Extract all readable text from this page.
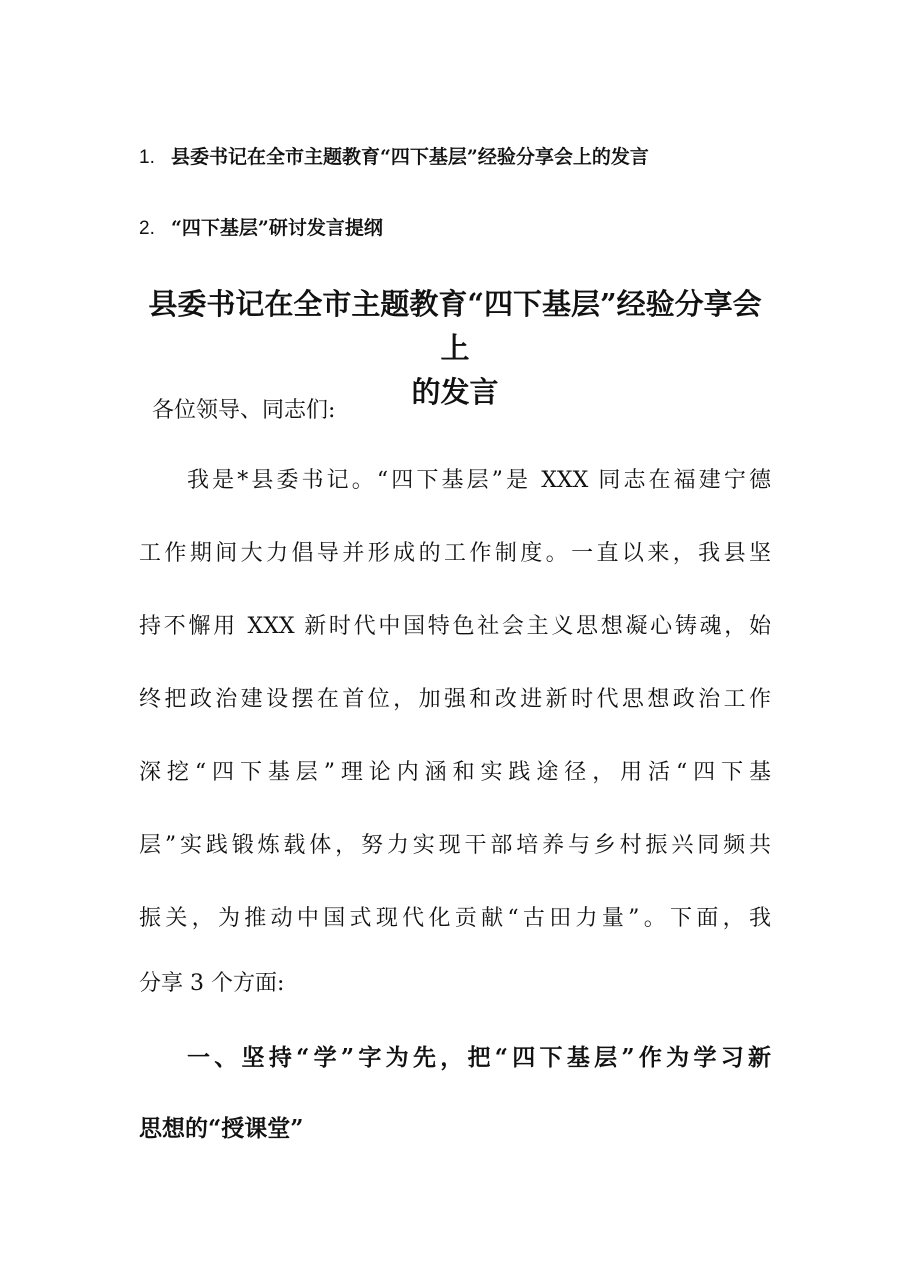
1. 县委书记在全市主题教育“四下基层”经验分享会上的发言
2. “四下基层”研讨发言提纲
县委书记在全市主题教育“四下基层”经验分享会上
的发言
各位领导、同志们:
我是*县委书记。“四下基层”是 XXX 同志在福建宁德
工作期间大力倡导并形成的工作制度。一直以来，我县坚
持不懈用 XXX 新时代中国特色社会主义思想凝心铸魂，始
终把政治建设摆在首位，加强和改进新时代思想政治工作
深挖“四下基层”理论内涵和实践途径，用活“四下基
层”实践锻炼载体，努力实现干部培养与乡村振兴同频共
振关，为推动中国式现代化贡献“古田力量”。下面，我
分享 3 个方面:
一、坚持“学”字为先，把“四下基层”作为学习新
思想的“授课堂”
